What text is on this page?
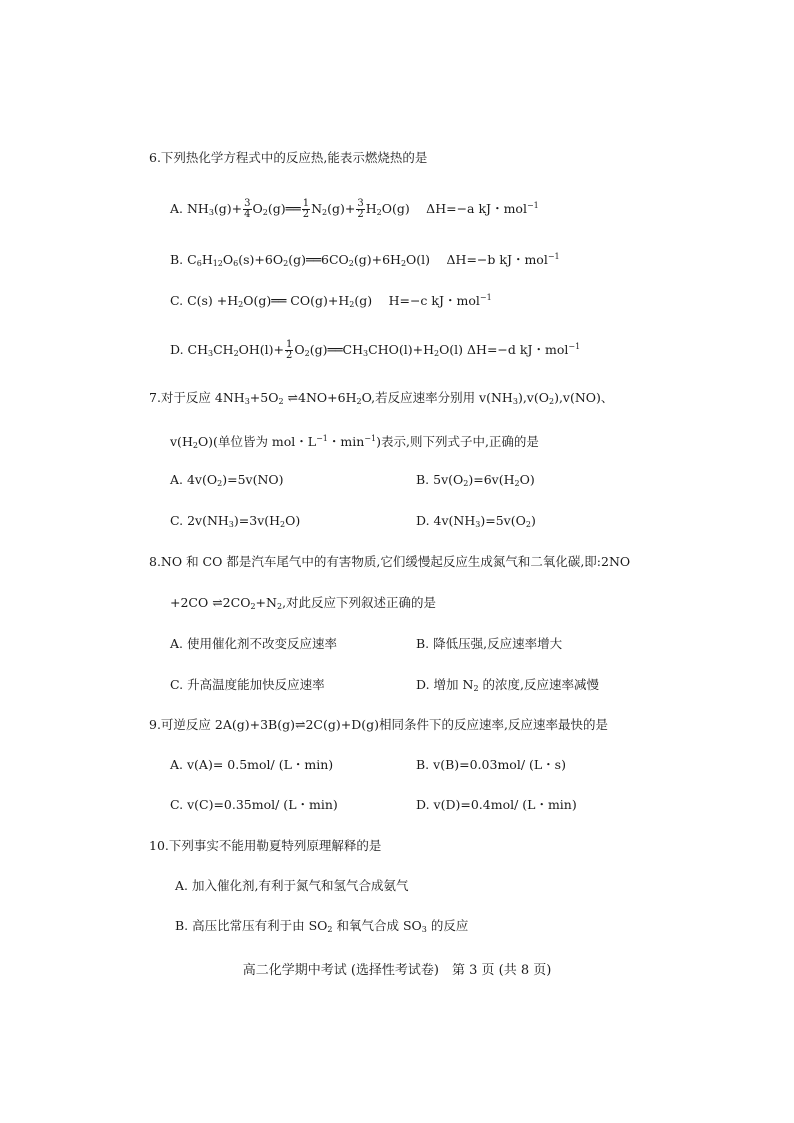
6.下列热化学方程式中的反应热,能表示燃烧热的是
A. $NH_3(g)+ \frac{3}{4}$ $O_2(g)══ \frac{1}{2} N_2(g)+ \frac{3}{2} H_2O(g)$　 ΔH=−a kJ・mol$^{-1}$
B. $C_6H_{12}O_6(s)+6O_2(g)══6CO_2(g)+6H_2O(l)$　 ΔH=−b kJ・mol$^{-1}$
C. $C(s) +H_2O(g)══$ $CO(g)+H_2(g)$　 H=−c kJ・mol$^{-1}$
D. $CH_3CH_2OH(l)+ \frac{1}{2}$ $O_2(g)══CH_3CHO(l)+H_2O(l)$ ΔH=−d kJ・mol$^{-1}$
7.对于反应 $4NH_3+5O_2$ $\rightleftharpoons 4NO+6H_2O$,若反应速率分别用 $v(NH_3),v(O_2),v(NO)$、
$v(H_2O)$(单位皆为 mol・$L^{-1}$・$\min^{-1}$)表示,则下列式子中,正确的是
A. $4v(O_2)=5v(NO)$	B. $5v(O_2)=6v(H_2O)$
C. $2v(NH_3)=3v(H_2O)$	D. $4v(NH_3)=5v(O_2)$
8.NO 和 CO 都是汽车尾气中的有害物质,它们缓慢起反应生成氮气和二氧化碳,即:2NO
+2CO $\rightleftharpoons 2CO_2+N_2$,对此反应下列叙述正确的是
A. 使用催化剂不改变反应速率	B. 降低压强,反应速率增大
C. 升高温度能加快反应速率	D. 增加 $N_2$ 的浓度,反应速率减慢
9.可逆反应 2A(g)+3B(g)⇌2C(g)+D(g)相同条件下的反应速率,反应速率最快的是
A. v(A)= 0.5mol/ (L・min)	B. v(B)=0.03mol/ (L・s)
C. v(C)=0.35mol/ (L・min)	D. v(D)=0.4mol/ (L・min)
10.下列事实不能用勒夏特列原理解释的是
A. 加入催化剂,有利于氮气和氢气合成氨气
B. 高压比常压有利于由 $SO_2$ 和氧气合成 $SO_3$ 的反应
高二化学期中考试 (选择性考试卷)　第 3 页 (共 8 页)
